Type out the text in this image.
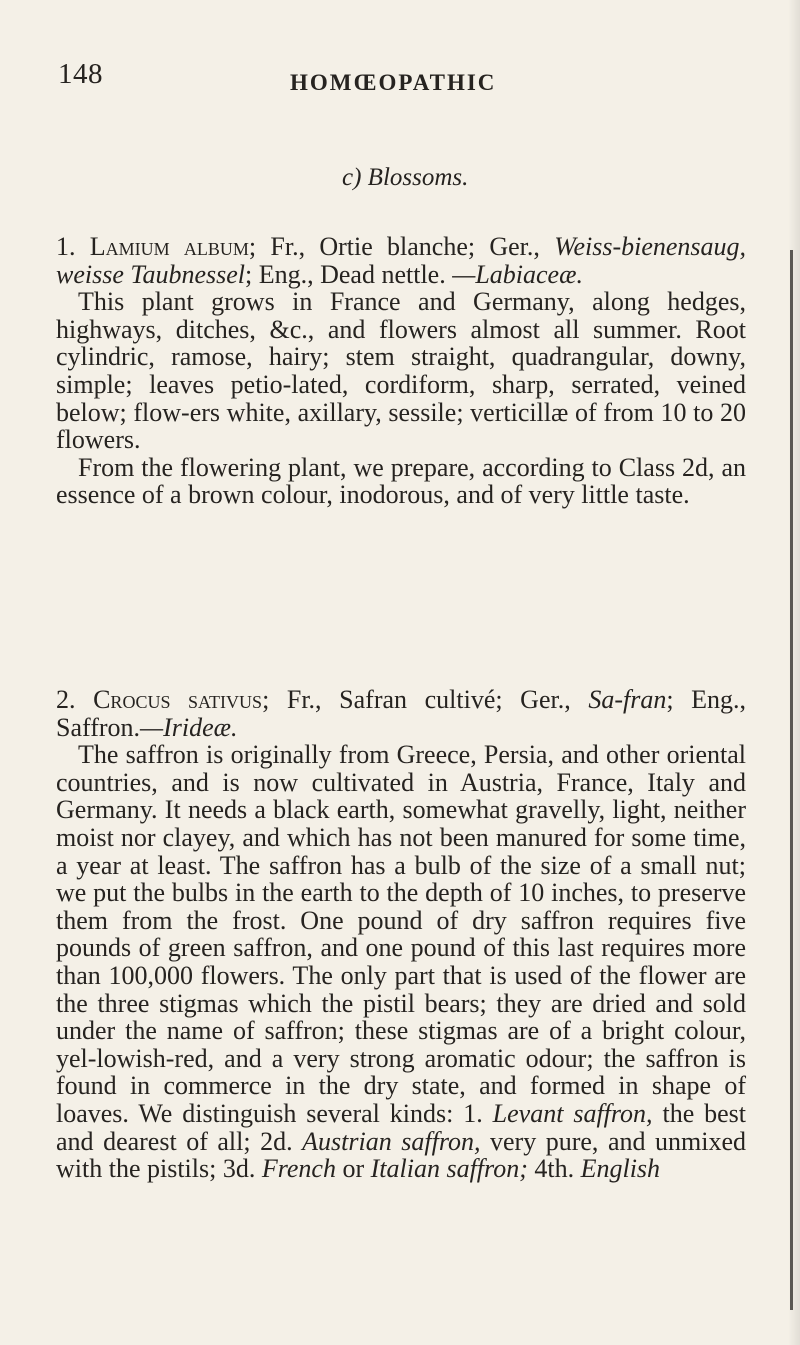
148	HOMŒOPATHIC
c) Blossoms.

1. Lamium album; Fr., Ortie blanche; Ger., Weiss-bienensaug, weisse Taubnessel; Eng., Dead nettle. —Labiaceæ.

This plant grows in France and Germany, along hedges, highways, ditches, &c., and flowers almost all summer. Root cylindric, ramose, hairy; stem straight, quadrangular, downy, simple; leaves petio-lated, cordiform, sharp, serrated, veined below; flow-ers white, axillary, sessile; verticillæ of from 10 to 20 flowers.

From the flowering plant, we prepare, according to Class 2d, an essence of a brown colour, inodorous, and of very little taste.

2. Crocus sativus; Fr., Safran cultivé; Ger., Sa-fran; Eng., Saffron.—Irideæ.

The saffron is originally from Greece, Persia, and other oriental countries, and is now cultivated in Austria, France, Italy and Germany. It needs a black earth, somewhat gravelly, light, neither moist nor clayey, and which has not been manured for some time, a year at least. The saffron has a bulb of the size of a small nut; we put the bulbs in the earth to the depth of 10 inches, to preserve them from the frost. One pound of dry saffron requires five pounds of green saffron, and one pound of this last requires more than 100,000 flowers. The only part that is used of the flower are the three stigmas which the pistil bears; they are dried and sold under the name of saffron; these stigmas are of a bright colour, yel-lowish-red, and a very strong aromatic odour; the saffron is found in commerce in the dry state, and formed in shape of loaves. We distinguish several kinds: 1. Levant saffron, the best and dearest of all; 2d. Austrian saffron, very pure, and unmixed with the pistils; 3d. French or Italian saffron; 4th. English
